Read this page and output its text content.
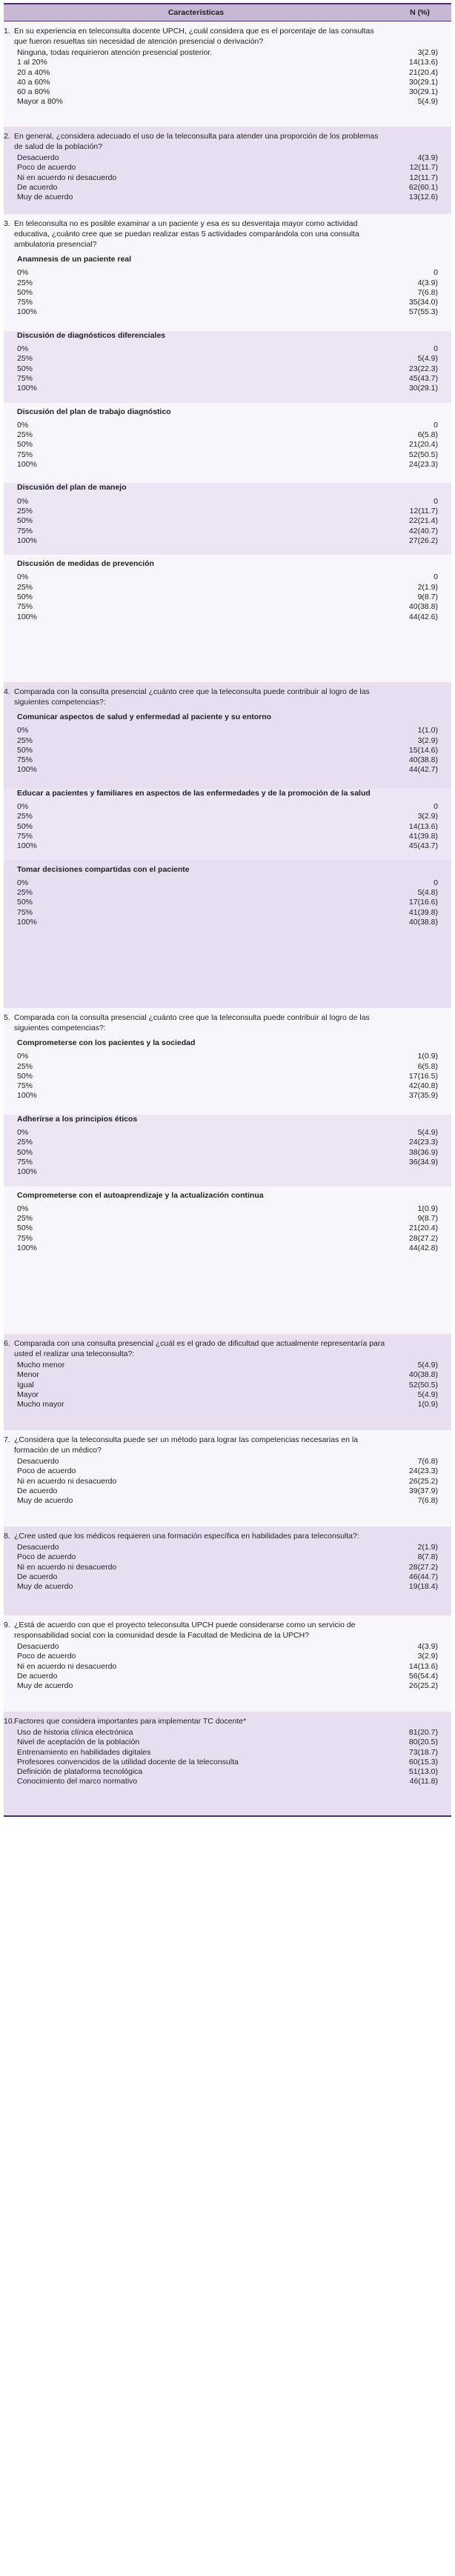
Características	N (%)
1. En su experiencia en teleconsulta docente UPCH, ¿cuál considera que es el porcentaje de las consultas que fueron resueltas sin necesidad de atención presencial o derivación?
Ninguna, todas requirieron atención presencial posterior.	3(2.9)
1 al 20%	14(13.6)
20 a 40%	21(20.4)
40 a 60%	30(29.1)
60 a 80%	30(29.1)
Mayor a 80%	5(4.9)
2. En general, ¿considera adecuado el uso de la teleconsulta para atender una proporción de los problemas de salud de la población?
Desacuerdo	4(3.9)
Poco de acuerdo	12(11.7)
Ni en acuerdo ni desacuerdo	12(11.7)
De acuerdo	62(60.1)
Muy de acuerdo	13(12.6)
3. En teleconsulta no es posible examinar a un paciente y esa es su desventaja mayor como actividad educativa, ¿cuánto cree que se puedan realizar estas 5 actividades comparándola con una consulta ambulatoria presencial?
Anamnesis de un paciente real
0%	0
25%	4(3.9)
50%	7(6.8)
75%	35(34.0)
100%	57(55.3)
Discusión de diagnósticos diferenciales
0%	0
25%	5(4.9)
50%	23(22.3)
75%	45(43.7)
100%	30(29.1)
Discusión del plan de trabajo diagnóstico
0%	0
25%	6(5.8)
50%	21(20.4)
75%	52(50.5)
100%	24(23.3)
Discusión del plan de manejo
0%	0
25%	12(11.7)
50%	22(21.4)
75%	42(40.7)
100%	27(26.2)
Discusión de medidas de prevención
0%	0
25%	2(1.9)
50%	9(8.7)
75%	40(38.8)
100%	44(42.6)
4. Comparada con la consulta presencial ¿cuánto cree que la teleconsulta puede contribuir al logro de las siguientes competencias?:
Comunicar aspectos de salud y enfermedad al paciente y su entorno
0%	1(1.0)
25%	3(2.9)
50%	15(14.6)
75%	40(38.8)
100%	44(42.7)
Educar a pacientes y familiares en aspectos de las enfermedades y de la promoción de la salud
0%	0
25%	3(2.9)
50%	14(13.6)
75%	41(39.8)
100%	45(43.7)
Tomar decisiones compartidas con el paciente
0%	0
25%	5(4.8)
50%	17(16.6)
75%	41(39.8)
100%	40(38.8)
5. Comparada con la consulta presencial ¿cuánto cree que la teleconsulta puede contribuir al logro de las siguientes competencias?:
Comprometerse con los pacientes y la sociedad
0%	1(0.9)
25%	6(5.8)
50%	17(16.5)
75%	42(40.8)
100%	37(35.9)
Adherirse a los principios éticos
0%	5(4.9)
25%	24(23.3)
50%	38(36.9)
75%	36(34.9)
100%
Comprometerse con el autoaprendizaje y la actualización continua
0%	1(0.9)
25%	9(8.7)
50%	21(20.4)
75%	28(27.2)
100%	44(42.8)
6. Comparada con una consulta presencial ¿cuál es el grado de dificultad que actualmente representaría para usted el realizar una teleconsulta?:
Mucho menor	5(4.9)
Menor	40(38.8)
Igual	52(50.5)
Mayor	5(4.9)
Mucho mayor	1(0.9)
7. ¿Considera que la teleconsulta puede ser un método para lograr las competencias necesarias en la formación de un médico?
Desacuerdo	7(6.8)
Poco de acuerdo	24(23.3)
Ni en acuerdo ni desacuerdo	26(25.2)
De acuerdo	39(37.9)
Muy de acuerdo	7(6.8)
8. ¿Cree usted que los médicos requieren una formación específica en habilidades para teleconsulta?:
Desacuerdo	2(1.9)
Poco de acuerdo	8(7.8)
Ni en acuerdo ni desacuerdo	28(27.2)
De acuerdo	46(44.7)
Muy de acuerdo	19(18.4)
9. ¿Está de acuerdo con que el proyecto teleconsulta UPCH puede considerarse como un servicio de responsabilidad social con la comunidad desde la Facultad de Medicina de la UPCH?
Desacuerdo	4(3.9)
Poco de acuerdo	3(2.9)
Ni en acuerdo ni desacuerdo	14(13.6)
De acuerdo	56(54.4)
Muy de acuerdo	26(25.2)
10. Factores que considera importantes para implementar TC docente*
Uso de historia clínica electrónica	81(20.7)
Nivel de aceptación de la población	80(20.5)
Entrenamiento en habilidades digitales	73(18.7)
Profesores convencidos de la utilidad docente de la teleconsulta	60(15.3)
Definición de plataforma tecnológica	51(13.0)
Conocimiento del marco normativo	46(11.8)
